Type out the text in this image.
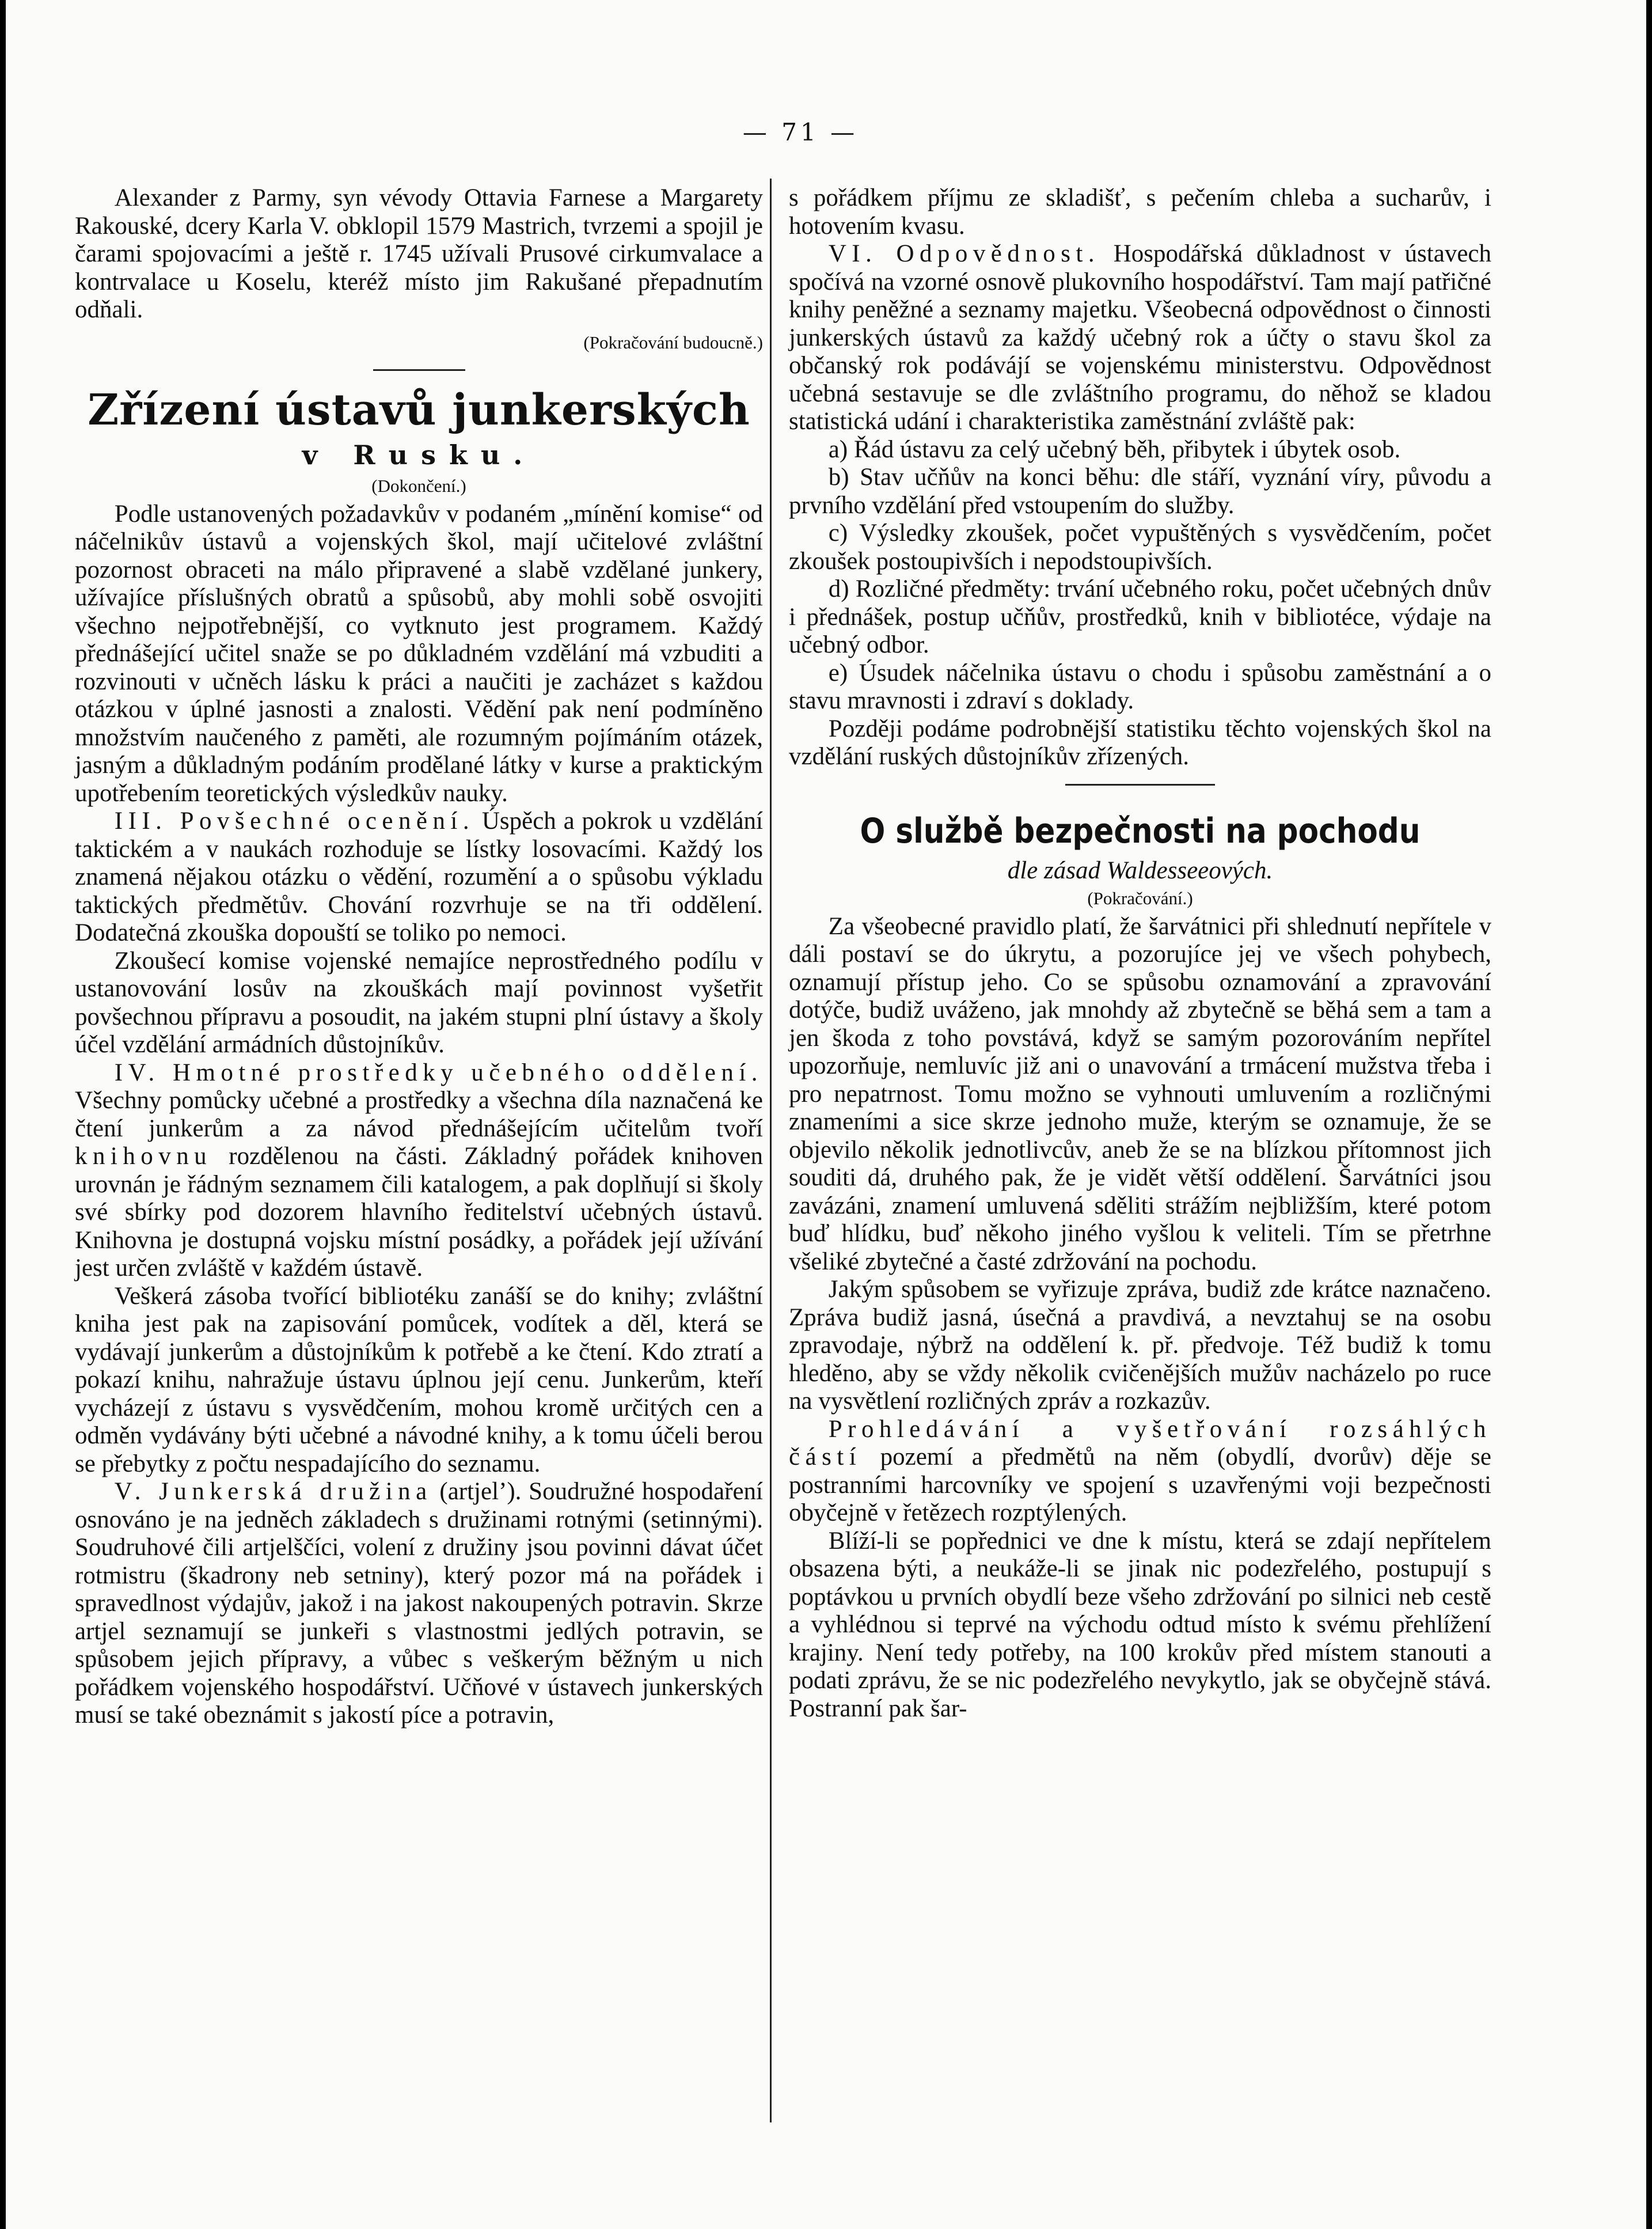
— 71 —

Alexander z Parmy, syn vévody Ottavia Farnese a Margarety Rakouské, dcery Karla V. obklopil 1579 Mastrich, tvrzemi a spojil je čarami spojovacími a ještě r. 1745 užívali Prusové cirkumvalace a kontrvalace u Koselu, kteréž místo jim Rakušané přepadnutím odňali.

(Pokračování budoucně.)

Zřízení ústavů junkerských
v Rusku.

(Dokončení.)

Podle ustanovených požadavkův v podaném „mínění komise“ od náčelnikův ústavů a vojenských škol, mají učitelové zvláštní pozornost obraceti na málo připravené a slabě vzdělané junkery, užívajíce příslušných obratů a spůsobů, aby mohli sobě osvojiti všechno nejpotřebnější, co vytknuto jest programem. Každý přednášející učitel snaže se po důkladném vzdělání má vzbuditi a rozvinouti v učněch lásku k práci a naučiti je zacházet s každou otázkou v úplné jasnosti a znalosti. Vědění pak není podmíněno množstvím naučeného z paměti, ale rozumným pojímáním otázek, jasným a důkladným podáním prodělané látky v kurse a praktickým upotřebením teoretických výsledkův nauky.

III. Povšechné ocenění. Úspěch a pokrok u vzdělání taktickém a v naukách rozhoduje se lístky losovacími. Každý los znamená nějakou otázku o vědění, rozumění a o spůsobu výkladu taktických předmětův. Chování rozvrhuje se na tři oddělení. Dodatečná zkouška dopouští se toliko po nemoci.

Zkoušecí komise vojenské nemajíce neprostředného podílu v ustanovování losův na zkouškách mají povinnost vyšetřit povšechnou přípravu a posoudit, na jakém stupni plní ústavy a školy účel vzdělání armádních důstojníkův.

IV. Hmotné prostředky učebného oddělení. Všechny pomůcky učebné a prostředky a všechna díla naznačená ke čtení junkerům a za návod přednášejícím učitelům tvoří knihovnu rozdělenou na části. Základný pořádek knihoven urovnán je řádným seznamem čili katalogem, a pak doplňují si školy své sbírky pod dozorem hlavního ředitelství učebných ústavů. Knihovna je dostupná vojsku místní posádky, a pořádek její užívání jest určen zvláště v každém ústavě.

Veškerá zásoba tvořící bibliotéku zanáší se do knihy; zvláštní kniha jest pak na zapisování pomůcek, vodítek a děl, která se vydávají junkerům a důstojníkům k potřebě a ke čtení. Kdo ztratí a pokazí knihu, nahražuje ústavu úplnou její cenu. Junkerům, kteří vycházejí z ústavu s vysvědčením, mohou kromě určitých cen a odměn vydávány býti učebné a návodné knihy, a k tomu účeli berou se přebytky z počtu nespadajícího do seznamu.

V. Junkerská družina (artjel’). Soudružné hospodaření osnováno je na jedněch základech s družinami rotnými (setinnými). Soudruhové čili artjelščíci, volení z družiny jsou povinni dávat účet rotmistru (škadrony neb setniny), který pozor má na pořádek i spravedlnost výdajův, jakož i na jakost nakoupených potravin. Skrze artjel seznamují se junkeři s vlastnostmi jedlých potravin, se spůsobem jejich přípravy, a vůbec s veškerým běžným u nich pořádkem vojenského hospodářství. Učňové v ústavech junkerských musí se také obeznámit s jakostí píce a potravin,

s pořádkem příjmu ze skladišť, s pečením chleba a sucharův, i hotovením kvasu.

VI. Odpovědnost. Hospodářská důkladnost v ústavech spočívá na vzorné osnově plukovního hospodářství. Tam mají patřičné knihy peněžné a seznamy majetku. Všeobecná odpovědnost o činnosti junkerských ústavů za každý učebný rok a účty o stavu škol za občanský rok podávájí se vojenskému ministerstvu. Odpovědnost učebná sestavuje se dle zvláštního programu, do něhož se kladou statistická udání i charakteristika zaměstnání zvláště pak:

a) Řád ústavu za celý učebný běh, přibytek i úbytek osob.

b) Stav učňův na konci běhu: dle stáří, vyznání víry, původu a prvního vzdělání před vstoupením do služby.

c) Výsledky zkoušek, počet vypuštěných s vysvědčením, počet zkoušek postoupivších i nepodstoupivších.

d) Rozličné předměty: trvání učebného roku, počet učebných dnův i přednášek, postup učňův, prostředků, knih v bibliotéce, výdaje na učebný odbor.

e) Úsudek náčelnika ústavu o chodu i spůsobu zaměstnání a o stavu mravnosti i zdraví s doklady.

Později podáme podrobnější statistiku těchto vojenských škol na vzdělání ruských důstojníkův zřízených.

O službě bezpečnosti na pochodu

dle zásad Waldesseeových.

(Pokračování.)

Za všeobecné pravidlo platí, že šarvátnici při shlednutí nepřítele v dáli postaví se do úkrytu, a pozorujíce jej ve všech pohybech, oznamují přístup jeho. Co se spůsobu oznamování a zpravování dotýče, budiž uváženo, jak mnohdy až zbytečně se běhá sem a tam a jen škoda z toho povstává, když se samým pozorováním nepřítel upozorňuje, nemluvíc již ani o unavování a trmácení mužstva třeba i pro nepatrnost. Tomu možno se vyhnouti umluvením a rozličnými znameními a sice skrze jednoho muže, kterým se oznamuje, že se objevilo několik jednotlivcův, aneb že se na blízkou přítomnost jich souditi dá, druhého pak, že je vidět větší oddělení. Šarvátníci jsou zavázáni, znamení umluvená sděliti strážím nejbližším, které potom buď hlídku, buď někoho jiného vyšlou k veliteli. Tím se přetrhne všeliké zbytečné a časté zdržování na pochodu.

Jakým spůsobem se vyřizuje zpráva, budiž zde krátce naznačeno. Zpráva budiž jasná, úsečná a pravdivá, a nevztahuj se na osobu zpravodaje, nýbrž na oddělení k. př. předvoje. Též budiž k tomu hleděno, aby se vždy několik cvičenějších mužův nacházelo po ruce na vysvětlení rozličných zpráv a rozkazův.

Prohledávání a vyšetřování rozsáhlých částí pozemí a předmětů na něm (obydlí, dvorův) děje se postranními harcovníky ve spojení s uzavřenými voji bezpečnosti obyčejně v řetězech rozptýlených.

Blíží-li se popřednici ve dne k místu, která se zdají nepřítelem obsazena býti, a neukáže-li se jinak nic podezřelého, postupují s poptávkou u prvních obydlí beze všeho zdržování po silnici neb cestě a vyhlédnou si teprvé na východu odtud místo k svému přehlížení krajiny. Není tedy potřeby, na 100 krokův před místem stanouti a podati zprávu, že se nic podezřelého nevykytlo, jak se obyčejně stává. Postranní pak šar-
